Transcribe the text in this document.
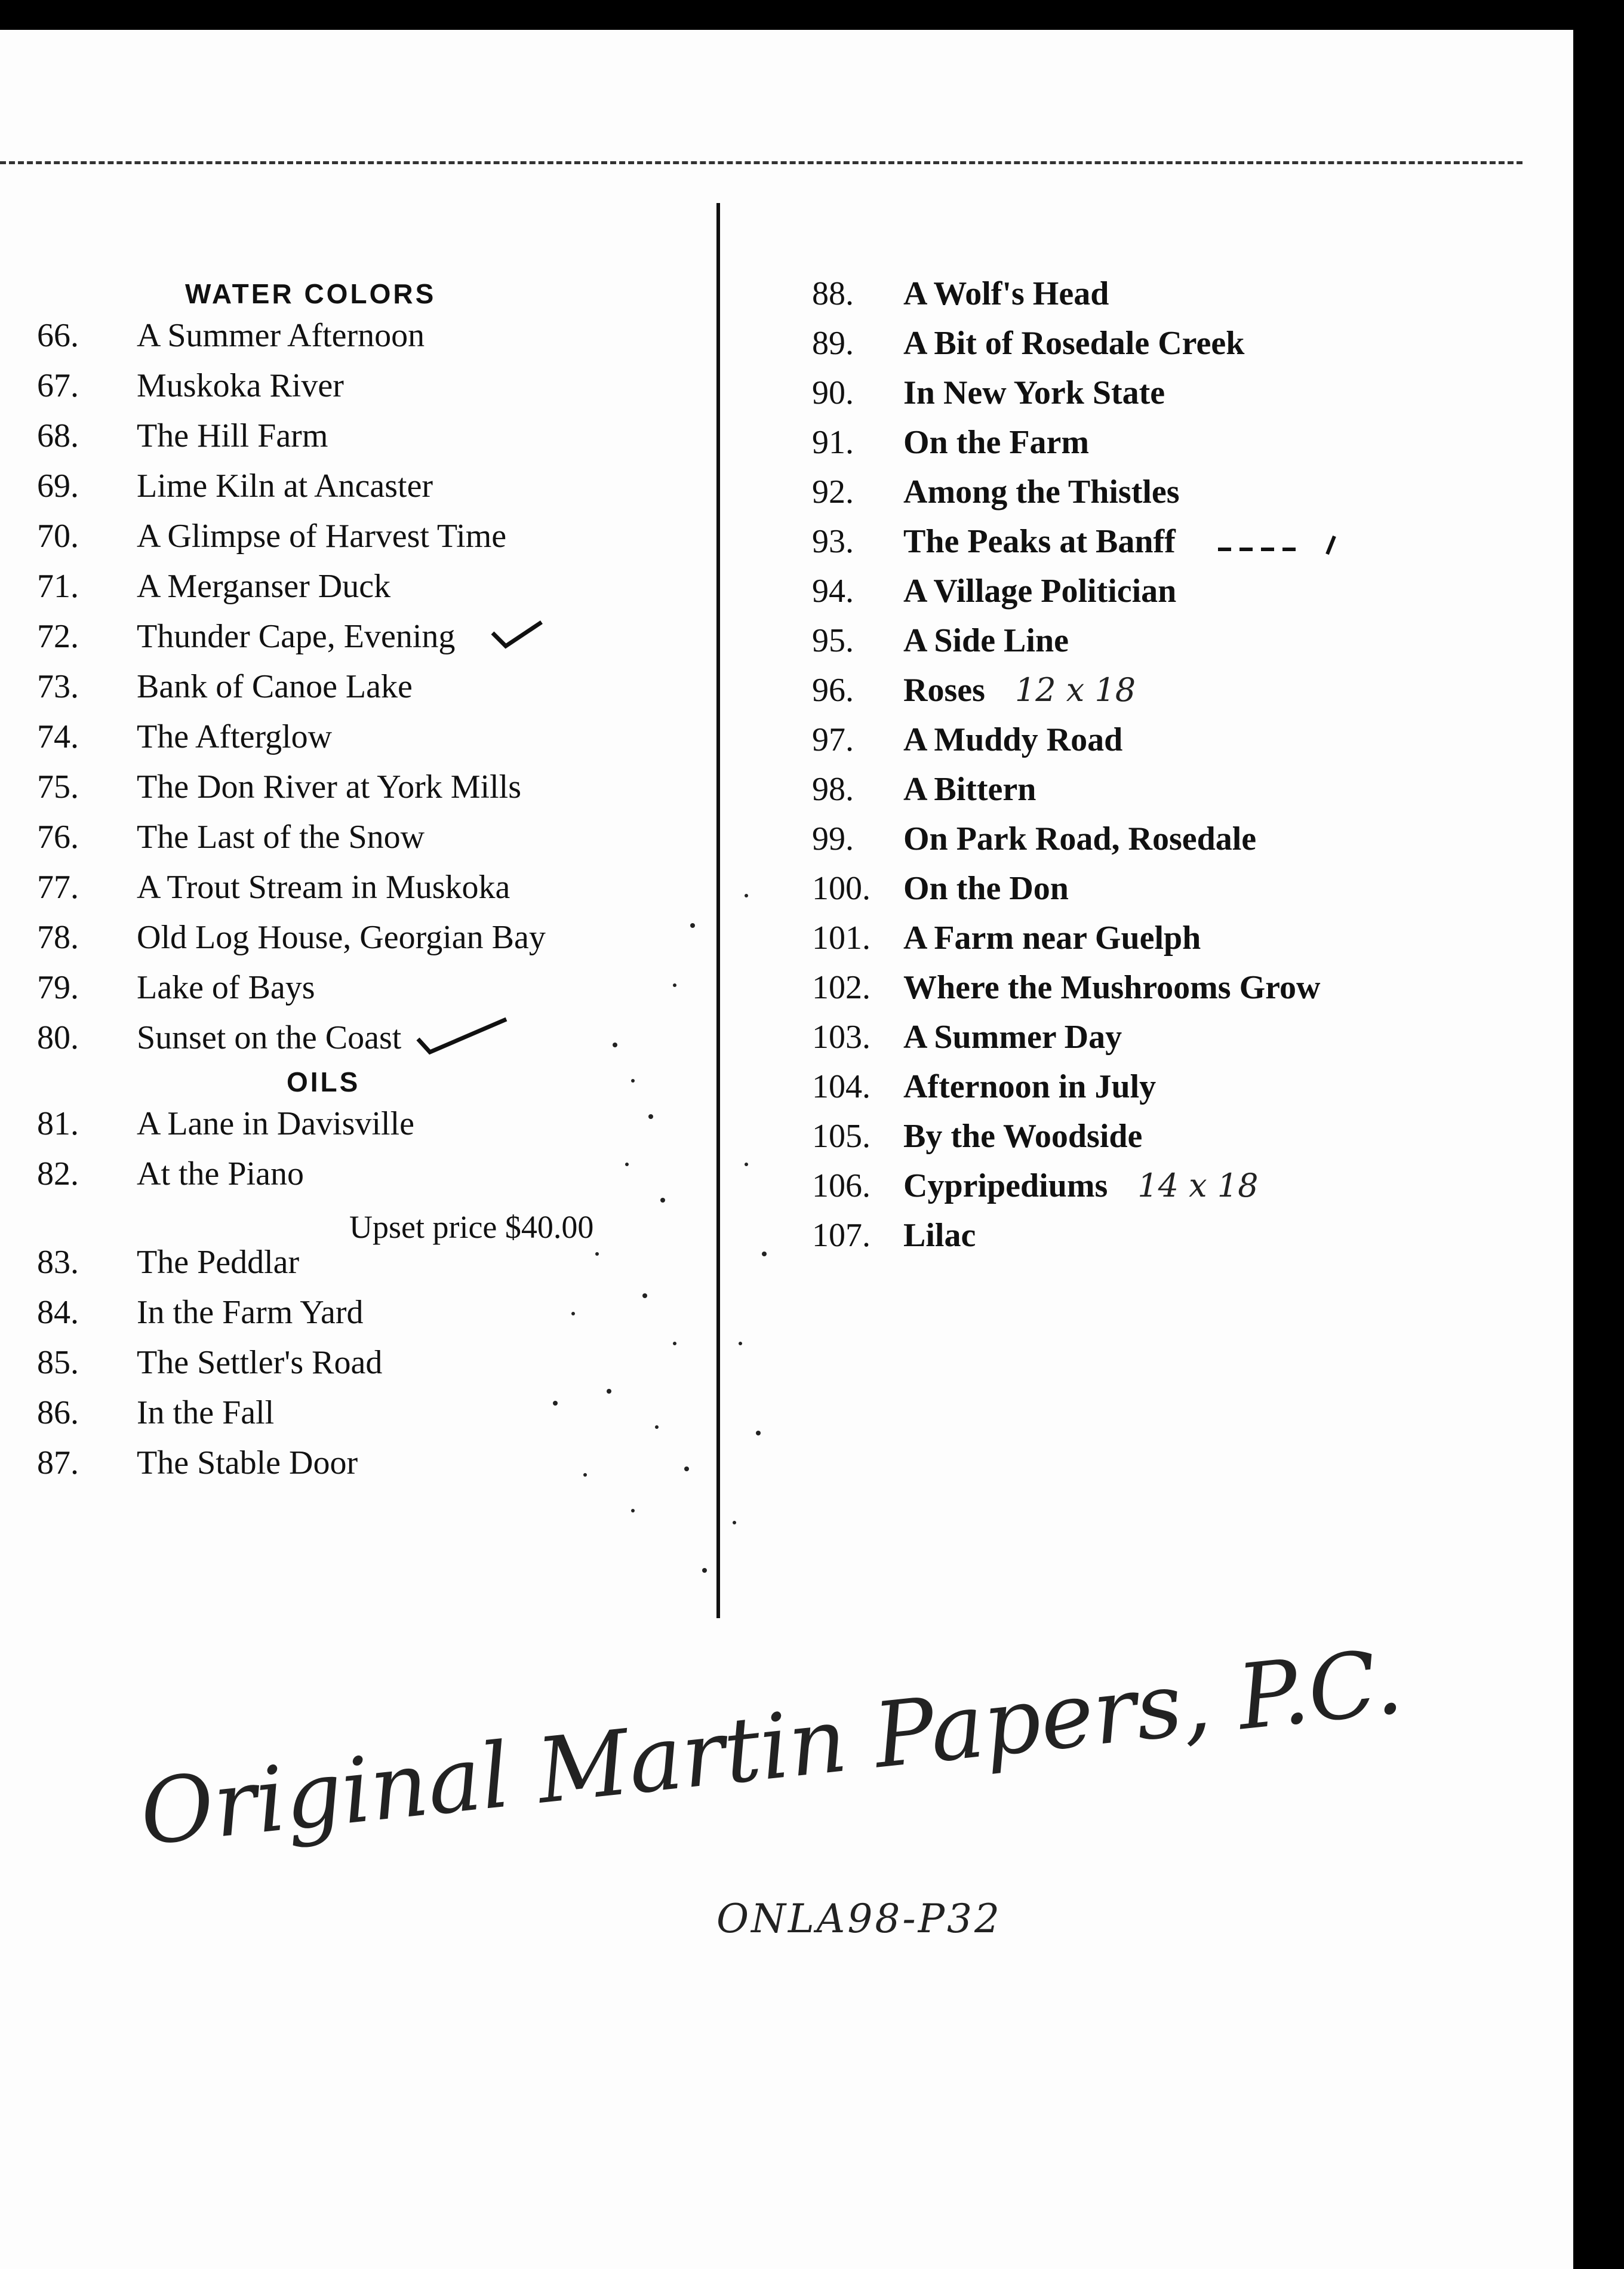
WATER COLORS
66.	A Summer Afternoon
67.	Muskoka River
68.	The Hill Farm
69.	Lime Kiln at Ancaster
70.	A Glimpse of Harvest Time
71.	A Merganser Duck
72.	Thunder Cape, Evening
73.	Bank of Canoe Lake
74.	The Afterglow
75.	The Don River at York Mills
76.	The Last of the Snow
77.	A Trout Stream in Muskoka
78.	Old Log House, Georgian Bay
79.	Lake of Bays
80.	Sunset on the Coast
OILS
81.	A Lane in Davisville
82.	At the Piano
Upset price $40.00
83.	The Peddlar
84.	In the Farm Yard
85.	The Settler's Road
86.	In the Fall
87.	The Stable Door
88.	A Wolf's Head
89.	A Bit of Rosedale Creek
90.	In New York State
91.	On the Farm
92.	Among the Thistles
93.	The Peaks at Banff
94.	A Village Politician
95.	A Side Line
96.	Roses 12 x 18
97.	A Muddy Road
98.	A Bittern
99.	On Park Road, Rosedale
100. On the Don
101. A Farm near Guelph
102. Where the Mushrooms Grow
103. A Summer Day
104. Afternoon in July
105. By the Woodside
106. Cypripediums 14 x 18
107. Lilac
Original Martin Papers, P.C.
ONLA98-P32
